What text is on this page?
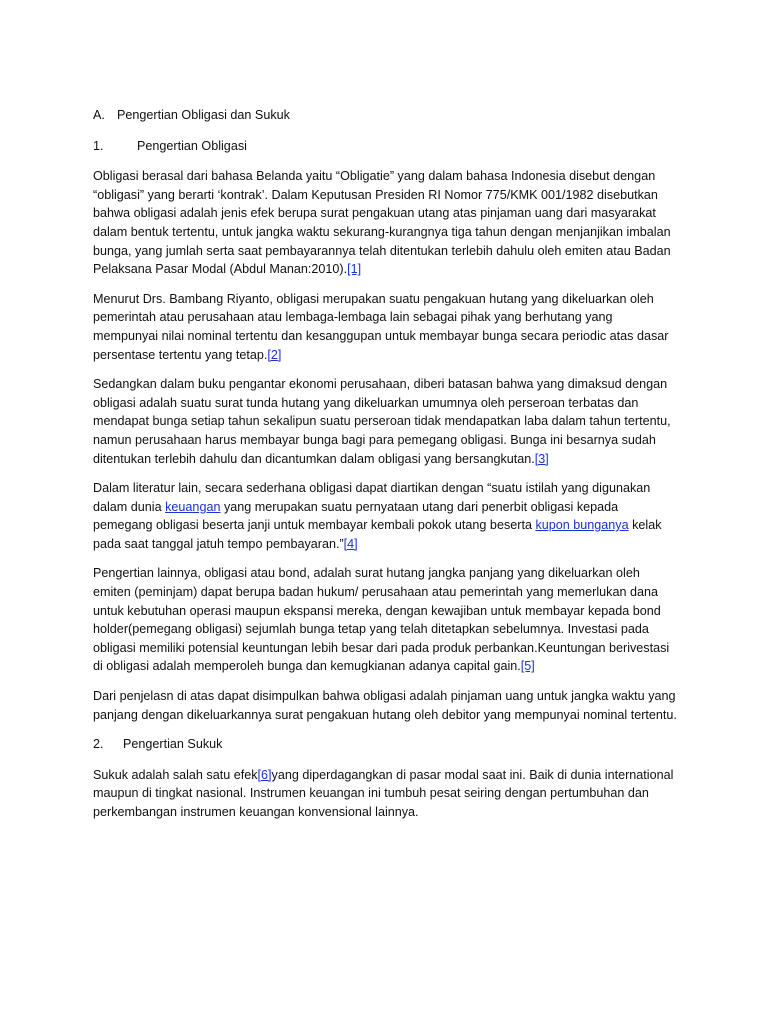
A. Pengertian Obligasi dan Sukuk
1.	Pengertian Obligasi

Obligasi berasal dari bahasa Belanda yaitu “Obligatie” yang dalam bahasa Indonesia disebut dengan “obligasi” yang berarti ‘kontrak’. Dalam Keputusan Presiden RI Nomor 775/KMK 001/1982 disebutkan bahwa obligasi adalah jenis efek berupa surat pengakuan utang atas pinjaman uang dari masyarakat dalam bentuk tertentu, untuk jangka waktu sekurang-kurangnya tiga tahun dengan menjanjikan imbalan bunga, yang jumlah serta saat pembayarannya telah ditentukan terlebih dahulu oleh emiten atau Badan Pelaksana Pasar Modal (Abdul Manan:2010).[1]

Menurut Drs. Bambang Riyanto, obligasi merupakan suatu pengakuan hutang yang dikeluarkan oleh pemerintah atau perusahaan atau lembaga-lembaga lain sebagai pihak yang berhutang yang mempunyai nilai nominal tertentu dan kesanggupan untuk membayar bunga secara periodic atas dasar persentase tertentu yang tetap.[2]

Sedangkan dalam buku pengantar ekonomi perusahaan, diberi batasan bahwa yang dimaksud dengan obligasi adalah suatu surat tunda hutang yang dikeluarkan umumnya oleh perseroan terbatas dan mendapat bunga setiap tahun sekalipun suatu perseroan tidak mendapatkan laba dalam tahun tertentu, namun perusahaan harus membayar bunga bagi para pemegang obligasi. Bunga ini besarnya sudah ditentukan terlebih dahulu dan dicantumkan dalam obligasi yang bersangkutan.[3]

Dalam literatur lain, secara sederhana obligasi dapat diartikan dengan “suatu istilah yang digunakan dalam dunia keuangan yang merupakan suatu pernyataan utang dari penerbit obligasi kepada pemegang obligasi beserta janji untuk membayar kembali pokok utang beserta kupon bunganya kelak pada saat tanggal jatuh tempo pembayaran.”[4]

Pengertian lainnya, obligasi atau bond, adalah surat hutang jangka panjang yang dikeluarkan oleh emiten (peminjam) dapat berupa badan hukum/ perusahaan atau pemerintah yang memerlukan dana untuk kebutuhan operasi maupun ekspansi mereka, dengan kewajiban untuk membayar kepada bond holder(pemegang obligasi) sejumlah bunga tetap yang telah ditetapkan sebelumnya. Investasi pada obligasi memiliki potensial keuntungan lebih besar dari pada produk perbankan.Keuntungan berivestasi di obligasi adalah memperoleh bunga dan kemugkianan adanya capital gain.[5]

Dari penjelasn di atas dapat disimpulkan bahwa obligasi adalah pinjaman uang untuk jangka waktu yang panjang dengan dikeluarkannya surat pengakuan hutang oleh debitor yang mempunyai nominal tertentu.

2. Pengertian Sukuk

Sukuk adalah salah satu efek[6]yang diperdagangkan di pasar modal saat ini. Baik di dunia international maupun di tingkat nasional. Instrumen keuangan ini tumbuh pesat seiring dengan pertumbuhan dan perkembangan instrumen keuangan konvensional lainnya.
